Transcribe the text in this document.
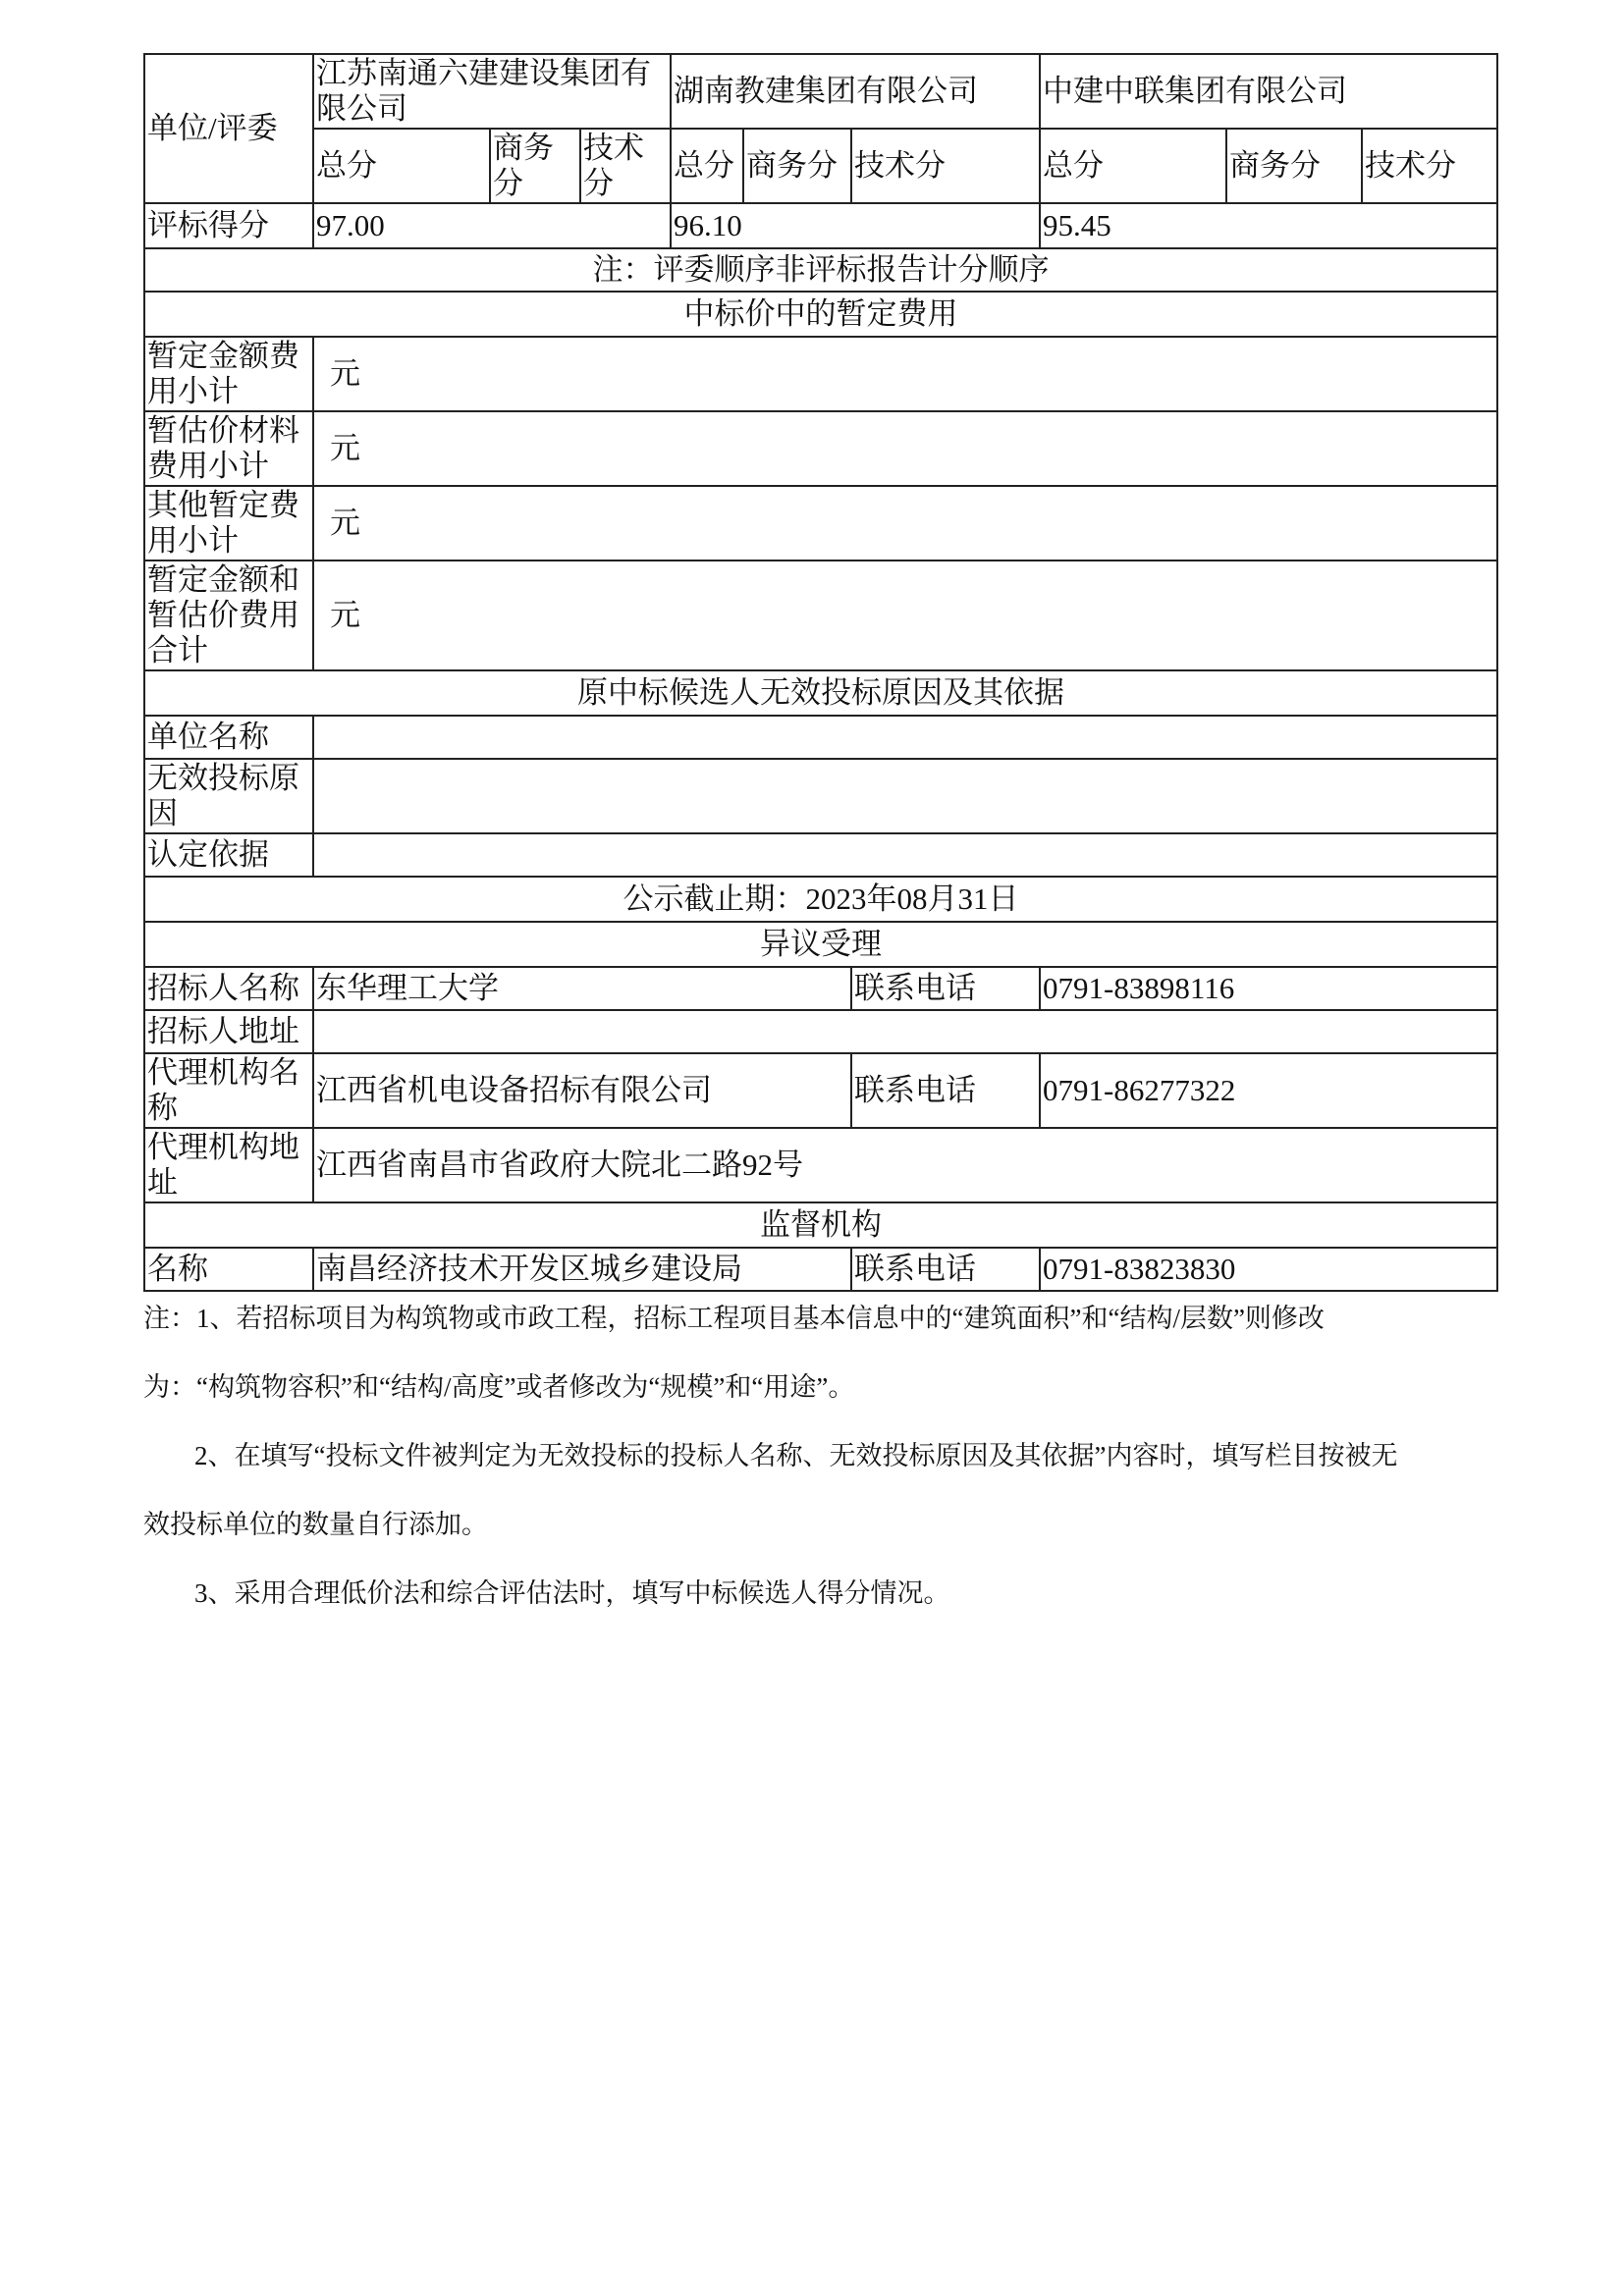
单位/评委	江苏南通六建建设集团有限公司			湖南教建集团有限公司			中建中联集团有限公司		
	总分	商务分	技术分	总分	商务分	技术分	总分	商务分	技术分
评标得分	97.00			96.10			95.45		
注：评委顺序非评标报告计分顺序									
中标价中的暂定费用									
暂定金额费用小计	元								
暂估价材料费用小计	元								
其他暂定费用小计	元								
暂定金额和暂估价费用合计	元								
原中标候选人无效投标原因及其依据									
单位名称									
无效投标原因									
认定依据									
公示截止期：2023年08月31日									
异议受理									
招标人名称	东华理工大学					联系电话	0791-83898116		
招标人地址									
代理机构名称	江西省机电设备招标有限公司					联系电话	0791-86277322		
代理机构地址	江西省南昌市省政府大院北二路92号								
监督机构									
名称	南昌经济技术开发区城乡建设局					联系电话	0791-83823830		

注：1、若招标项目为构筑物或市政工程，招标工程项目基本信息中的“建筑面积”和“结构/层数”则修改

为：“构筑物容积”和“结构/高度”或者修改为“规模”和“用途”。

2、在填写“投标文件被判定为无效投标的投标人名称、无效投标原因及其依据”内容时，填写栏目按被无

效投标单位的数量自行添加。

3、采用合理低价法和综合评估法时，填写中标候选人得分情况。
